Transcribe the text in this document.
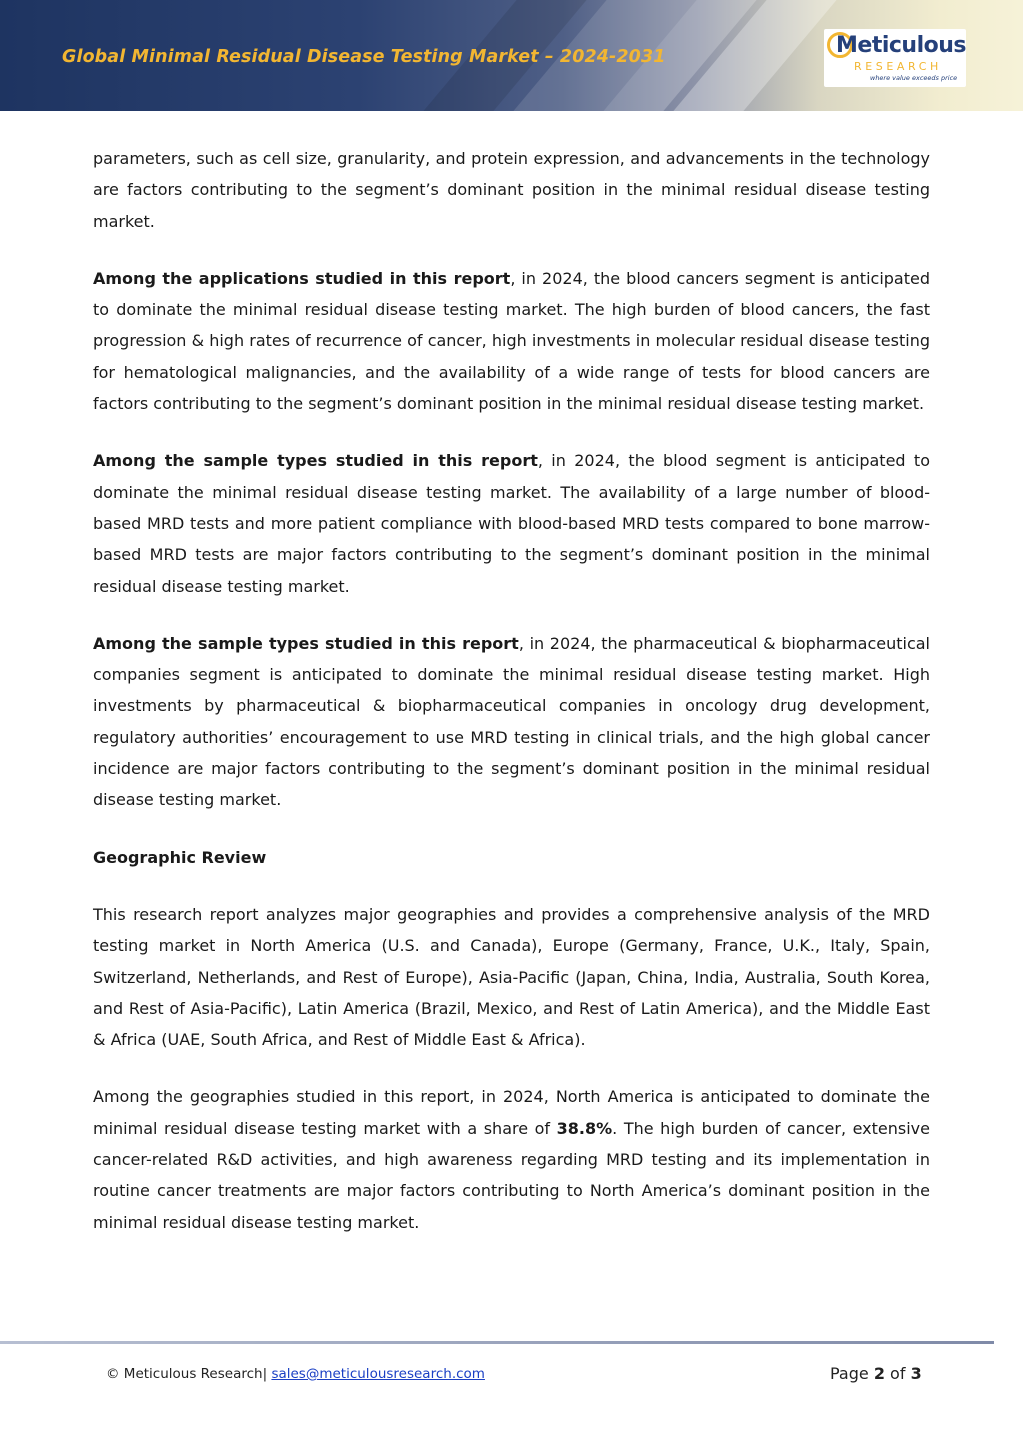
Global Minimal Residual Disease Testing Market – 2024-2031	Meticulous
RESEARCH
where value exceeds price

parameters, such as cell size, granularity, and protein expression, and advancements in the technology are factors contributing to the segment’s dominant position in the minimal residual disease testing market.

Among the applications studied in this report, in 2024, the blood cancers segment is anticipated to dominate the minimal residual disease testing market. The high burden of blood cancers, the fast progression & high rates of recurrence of cancer, high investments in molecular residual disease testing for hematological malignancies, and the availability of a wide range of tests for blood cancers are factors contributing to the segment’s dominant position in the minimal residual disease testing market.

Among the sample types studied in this report, in 2024, the blood segment is anticipated to dominate the minimal residual disease testing market. The availability of a large number of blood-based MRD tests and more patient compliance with blood-based MRD tests compared to bone marrow-based MRD tests are major factors contributing to the segment’s dominant position in the minimal residual disease testing market.

Among the sample types studied in this report, in 2024, the pharmaceutical & biopharmaceutical companies segment is anticipated to dominate the minimal residual disease testing market. High investments by pharmaceutical & biopharmaceutical companies in oncology drug development, regulatory authorities’ encouragement to use MRD testing in clinical trials, and the high global cancer incidence are major factors contributing to the segment’s dominant position in the minimal residual disease testing market.

Geographic Review

This research report analyzes major geographies and provides a comprehensive analysis of the MRD testing market in North America (U.S. and Canada), Europe (Germany, France, U.K., Italy, Spain, Switzerland, Netherlands, and Rest of Europe), Asia-Pacific (Japan, China, India, Australia, South Korea, and Rest of Asia-Pacific), Latin America (Brazil, Mexico, and Rest of Latin America), and the Middle East & Africa (UAE, South Africa, and Rest of Middle East & Africa).

Among the geographies studied in this report, in 2024, North America is anticipated to dominate the minimal residual disease testing market with a share of 38.8%. The high burden of cancer, extensive cancer-related R&D activities, and high awareness regarding MRD testing and its implementation in routine cancer treatments are major factors contributing to North America’s dominant position in the minimal residual disease testing market.

© Meticulous Research| sales@meticulousresearch.com	Page 2 of 3
